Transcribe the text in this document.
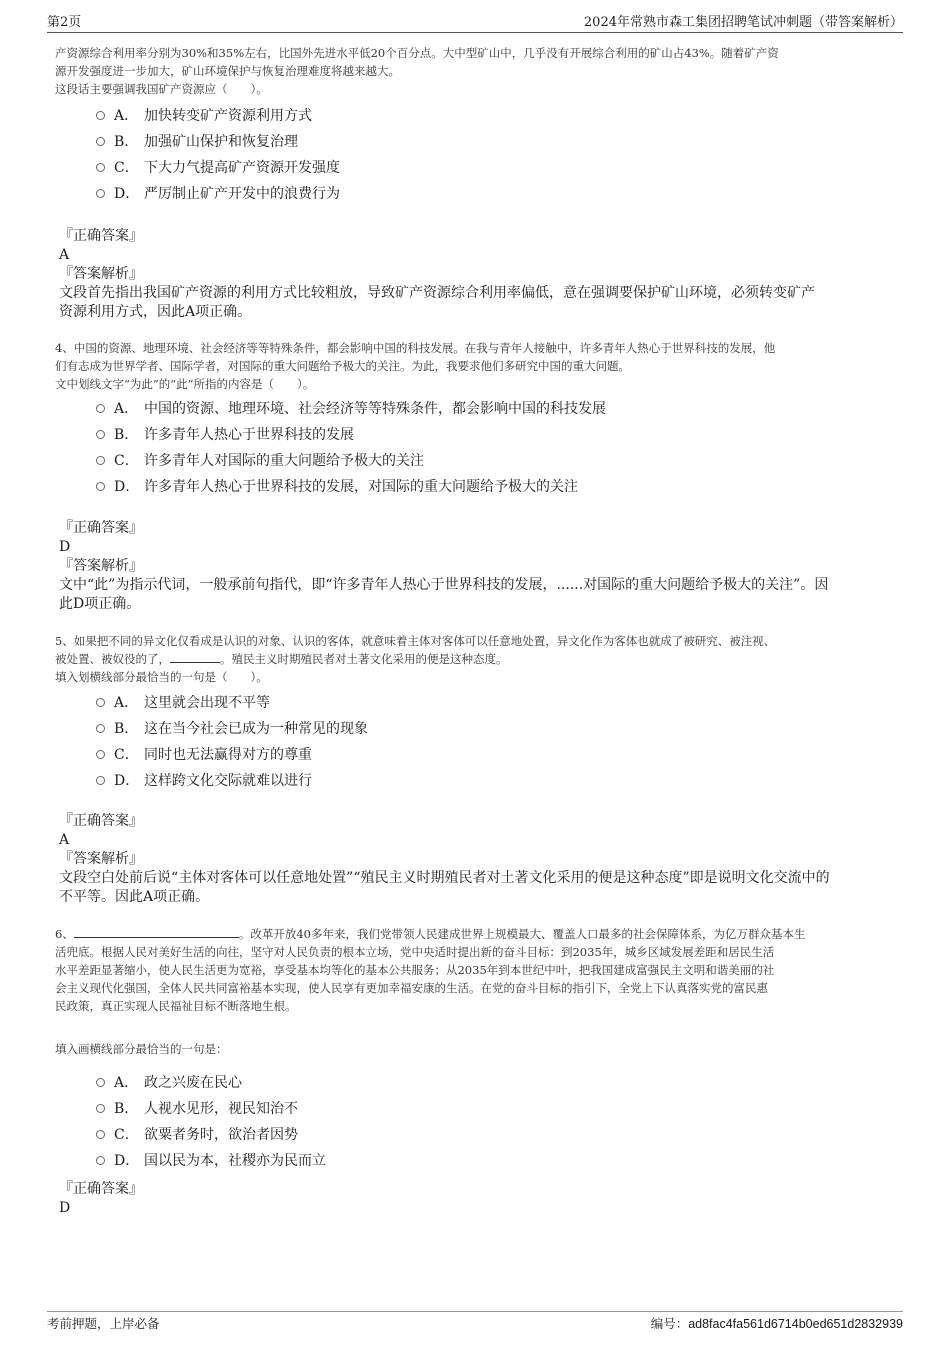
第2页	2024年常熟市森工集团招聘笔试冲刺题（带答案解析）
产资源综合利用率分别为30%和35%左右，比国外先进水平低20个百分点。大中型矿山中，几乎没有开展综合利用的矿山占43%。随着矿产资
源开发强度进一步加大，矿山环境保护与恢复治理难度将越来越大。
这段话主要强调我国矿产资源应（　　）。
A． 加快转变矿产资源利用方式
B． 加强矿山保护和恢复治理
C． 下大力气提高矿产资源开发强度
D． 严厉制止矿产开发中的浪费行为

『正确答案』

A

『答案解析』

文段首先指出我国矿产资源的利用方式比较粗放，导致矿产资源综合利用率偏低，意在强调要保护矿山环境，必须转变矿产

资源利用方式，因此A项正确。

4、中国的资源、地理环境、社会经济等等特殊条件，都会影响中国的科技发展。在我与青年人接触中，许多青年人热心于世界科技的发展，他
们有志成为世界学者、国际学者，对国际的重大问题给予极大的关注。为此，我要求他们多研究中国的重大问题。
文中划线文字“为此”的“此”所指的内容是（　　）。
A． 中国的资源、地理环境、社会经济等等特殊条件，都会影响中国的科技发展
B． 许多青年人热心于世界科技的发展
C． 许多青年人对国际的重大问题给予极大的关注
D． 许多青年人热心于世界科技的发展，对国际的重大问题给予极大的关注

『正确答案』

D

『答案解析』

文中“此”为指示代词，一般承前句指代，即“许多青年人热心于世界科技的发展，......对国际的重大问题给予极大的关注”。因

此D项正确。

5、如果把不同的异文化仅看成是认识的对象、认识的客体，就意味着主体对客体可以任意地处置，异文化作为客体也就成了被研究、被注视、
被处置、被奴役的了，	。殖民主义时期殖民者对土著文化采用的便是这种态度。
填入划横线部分最恰当的一句是（　　）。
A． 这里就会出现不平等
B． 这在当今社会已成为一种常见的现象
C． 同时也无法赢得对方的尊重
D． 这样跨文化交际就难以进行

『正确答案』

A

『答案解析』

文段空白处前后说“主体对客体可以任意地处置”“殖民主义时期殖民者对土著文化采用的便是这种态度”即是说明文化交流中的

不平等。因此A项正确。

6、	。改革开放40多年来，我们党带领人民建成世界上规模最大、覆盖人口最多的社会保障体系，为亿万群众基本生
活兜底。根据人民对美好生活的向往，坚守对人民负责的根本立场，党中央适时提出新的奋斗目标：到2035年，城乡区域发展差距和居民生活
水平差距显著缩小，使人民生活更为宽裕，享受基本均等化的基本公共服务；从2035年到本世纪中叶，把我国建成富强民主文明和谐美丽的社
会主义现代化强国，全体人民共同富裕基本实现，使人民享有更加幸福安康的生活。在党的奋斗目标的指引下，全党上下认真落实党的富民惠
民政策，真正实现人民福祉目标不断落地生根。
填入画横线部分最恰当的一句是：
A． 政之兴废在民心
B． 人视水见形，视民知治不
C． 欲粟者务时，欲治者因势
D． 国以民为本，社稷亦为民而立

『正确答案』

D

考前押题，上岸必备	编号：ad8fac4fa561d6714b0ed651d2832939
